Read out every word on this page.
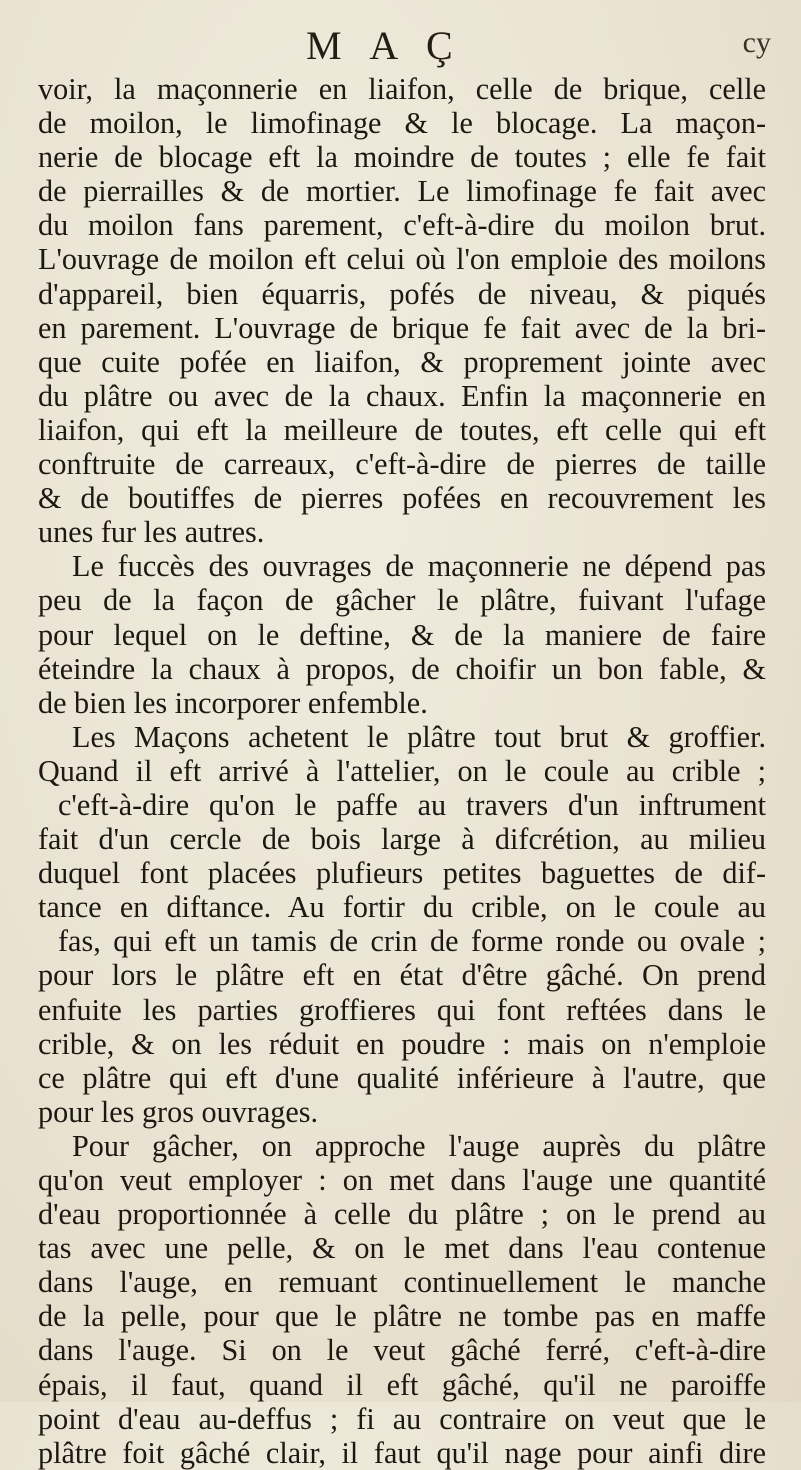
M A Ç	cy
voir, la maçonnerie en liaifon, celle de brique, celle
de moilon, le limofinage & le blocage. La maçon-
nerie de blocage eft la moindre de toutes ; elle fe fait
de pierrailles & de mortier. Le limofinage fe fait avec
du moilon fans parement, c'eft-à-dire du moilon brut.
L'ouvrage de moilon eft celui où l'on emploie des moilons
d'appareil, bien équarris, pofés de niveau, & piqués
en parement. L'ouvrage de brique fe fait avec de la bri-
que cuite pofée en liaifon, & proprement jointe avec
du plâtre ou avec de la chaux. Enfin la maçonnerie en
liaifon, qui eft la meilleure de toutes, eft celle qui eft
conftruite de carreaux, c'eft-à-dire de pierres de taille
& de boutiffes de pierres pofées en recouvrement les
unes fur les autres.
Le fuccès des ouvrages de maçonnerie ne dépend pas
peu de la façon de gâcher le plâtre, fuivant l'ufage
pour lequel on le deftine, & de la maniere de faire
éteindre la chaux à propos, de choifir un bon fable, &
de bien les incorporer enfemble.
Les Maçons achetent le plâtre tout brut & groffier.
Quand il eft arrivé à l'attelier, on le coule au crible ;
c'eft-à-dire qu'on le paffe au travers d'un inftrument
fait d'un cercle de bois large à difcrétion, au milieu
duquel font placées plufieurs petites baguettes de dif-
tance en diftance. Au fortir du crible, on le coule au
fas, qui eft un tamis de crin de forme ronde ou ovale ;
pour lors le plâtre eft en état d'être gâché. On prend
enfuite les parties groffieres qui font reftées dans le
crible, & on les réduit en poudre : mais on n'emploie
ce plâtre qui eft d'une qualité inférieure à l'autre, que
pour les gros ouvrages.
Pour gâcher, on approche l'auge auprès du plâtre
qu'on veut employer : on met dans l'auge une quantité
d'eau proportionnée à celle du plâtre ; on le prend au
tas avec une pelle, & on le met dans l'eau contenue
dans l'auge, en remuant continuellement le manche
de la pelle, pour que le plâtre ne tombe pas en maffe
dans l'auge. Si on le veut gâché ferré, c'eft-à-dire
épais, il faut, quand il eft gâché, qu'il ne paroiffe
point d'eau au-deffus ; fi au contraire on veut que le
plâtre foit gâché clair, il faut qu'il nage pour ainfi dire
